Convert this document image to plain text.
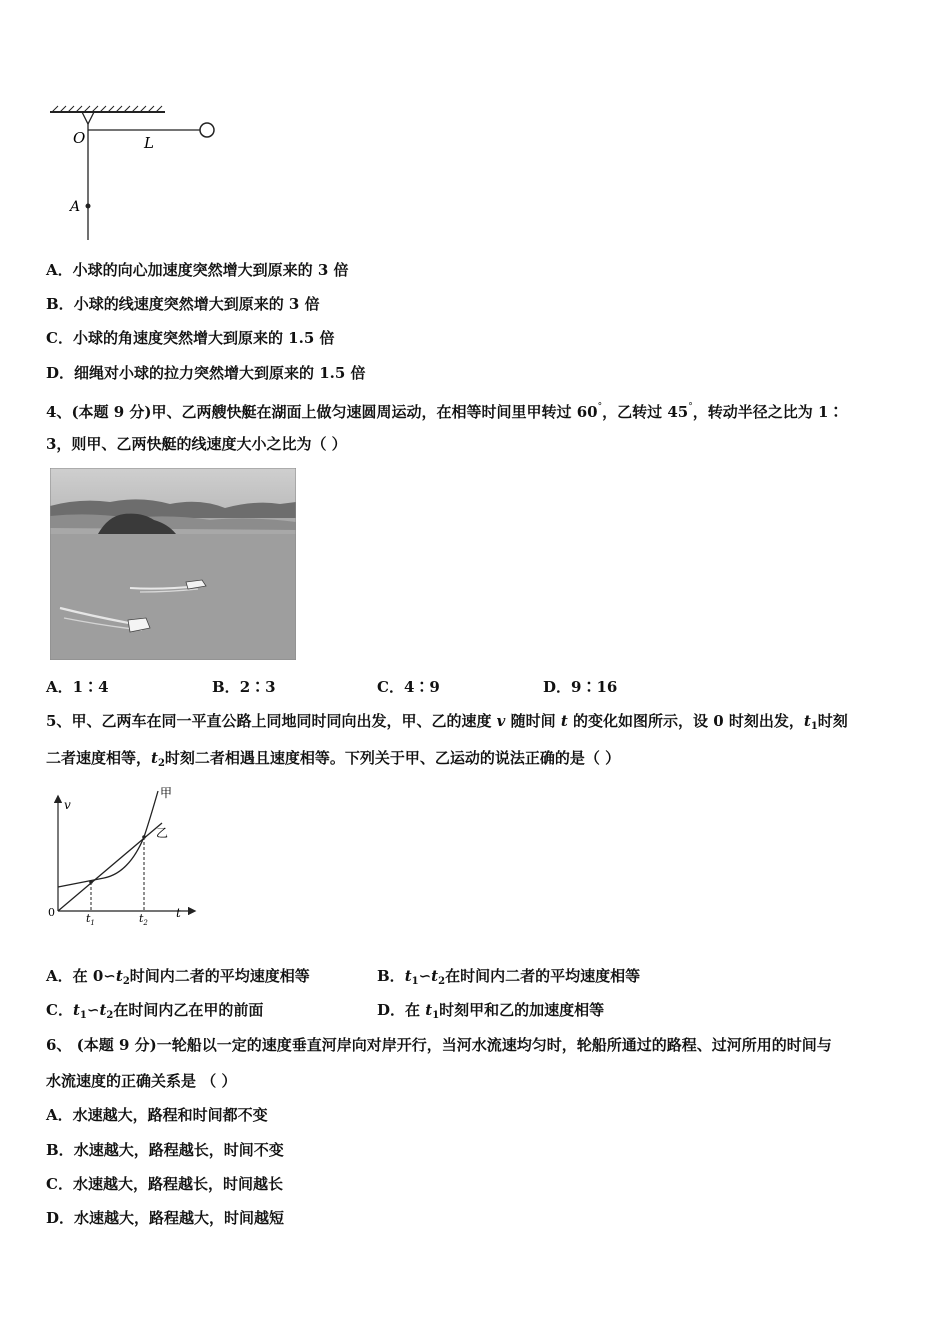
O	L
A
A．小球的向心加速度突然增大到原来的 3 倍
B．小球的线速度突然增大到原来的 3 倍
C．小球的角速度突然增大到原来的 1.5 倍
D．细绳对小球的拉力突然增大到原来的 1.5 倍
4、(本题 9 分)甲、乙两艘快艇在湖面上做匀速圆周运动，在相等时间里甲转过 60°，乙转过 45°，转动半径之比为 1∶
3，则甲、乙两快艇的线速度大小之比为（ ）
A．1∶4	B．2∶3	C．4∶9	D．9∶16
5、甲、乙两车在同一平直公路上同地同时同向出发，甲、乙的速度 v 随时间 t 的变化如图所示，设 0 时刻出发，$t_1$时刻
二者速度相等，$t_2$时刻二者相遇且速度相等。下列关于甲、乙运动的说法正确的是（ ）
v
t
0	$t_1$	$t_2$
甲
乙
A．在 $0∽t_2$时间内二者的平均速度相等	B．$t_1∽t_2$在时间内二者的平均速度相等
C．$t_1∽t_2$在时间内乙在甲的前面	D．在 $t_1$时刻甲和乙的加速度相等
6、 (本题 9 分)一轮船以一定的速度垂直河岸向对岸开行，当河水流速均匀时，轮船所通过的路程、过河所用的时间与
水流速度的正确关系是 （ ）
A．水速越大，路程和时间都不变
B．水速越大，路程越长，时间不变
C．水速越大，路程越长，时间越长
D．水速越大，路程越大，时间越短
